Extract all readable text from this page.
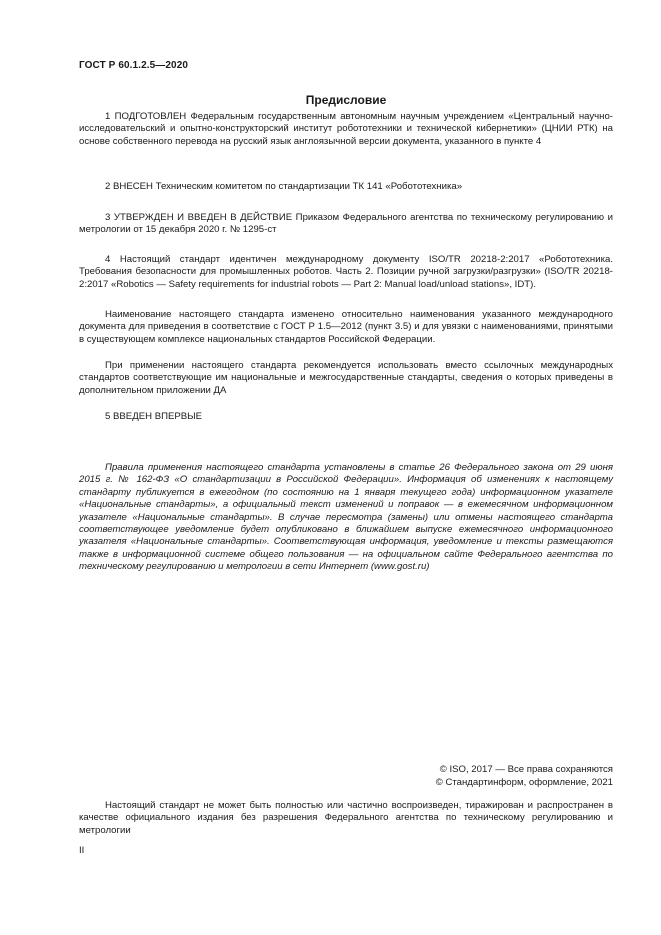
ГОСТ Р 60.1.2.5—2020
Предисловие

1 ПОДГОТОВЛЕН Федеральным государственным автономным научным учреждением «Центральный научно-исследовательский и опытно-конструкторский институт робототехники и технической кибернетики» (ЦНИИ РТК) на основе собственного перевода на русский язык англоязычной версии документа, указанного в пункте 4

2 ВНЕСЕН Техническим комитетом по стандартизации ТК 141 «Робототехника»

3 УТВЕРЖДЕН И ВВЕДЕН В ДЕЙСТВИЕ Приказом Федерального агентства по техническому регулированию и метрологии от 15 декабря 2020 г. № 1295-ст

4 Настоящий стандарт идентичен международному документу ISO/TR 20218-2:2017 «Робототехника. Требования безопасности для промышленных роботов. Часть 2. Позиции ручной загрузки/разгрузки» (ISO/TR 20218-2:2017 «Robotics — Safety requirements for industrial robots — Part 2: Manual load/unload stations», IDT).

Наименование настоящего стандарта изменено относительно наименования указанного международного документа для приведения в соответствие с ГОСТ Р 1.5—2012 (пункт 3.5) и для увязки с наименованиями, принятыми в существующем комплексе национальных стандартов Российской Федерации.

При применении настоящего стандарта рекомендуется использовать вместо ссылочных международных стандартов соответствующие им национальные и межгосударственные стандарты, сведения о которых приведены в дополнительном приложении ДА

5 ВВЕДЕН ВПЕРВЫЕ

Правила применения настоящего стандарта установлены в статье 26 Федерального закона от 29 июня 2015 г. № 162-ФЗ «О стандартизации в Российской Федерации». Информация об изменениях к настоящему стандарту публикуется в ежегодном (по состоянию на 1 января текущего года) информационном указателе «Национальные стандарты», а официальный текст изменений и поправок — в ежемесячном информационном указателе «Национальные стандарты». В случае пересмотра (замены) или отмены настоящего стандарта соответствующее уведомление будет опубликовано в ближайшем выпуске ежемесячного информационного указателя «Национальные стандарты». Соответствующая информация, уведомление и тексты размещаются также в информационной системе общего пользования — на официальном сайте Федерального агентства по техническому регулированию и метрологии в сети Интернет (www.gost.ru)

© ISO, 2017 — Все права сохраняются
© Стандартинформ, оформление, 2021

Настоящий стандарт не может быть полностью или частично воспроизведен, тиражирован и распространен в качестве официального издания без разрешения Федерального агентства по техническому регулированию и метрологии

II
